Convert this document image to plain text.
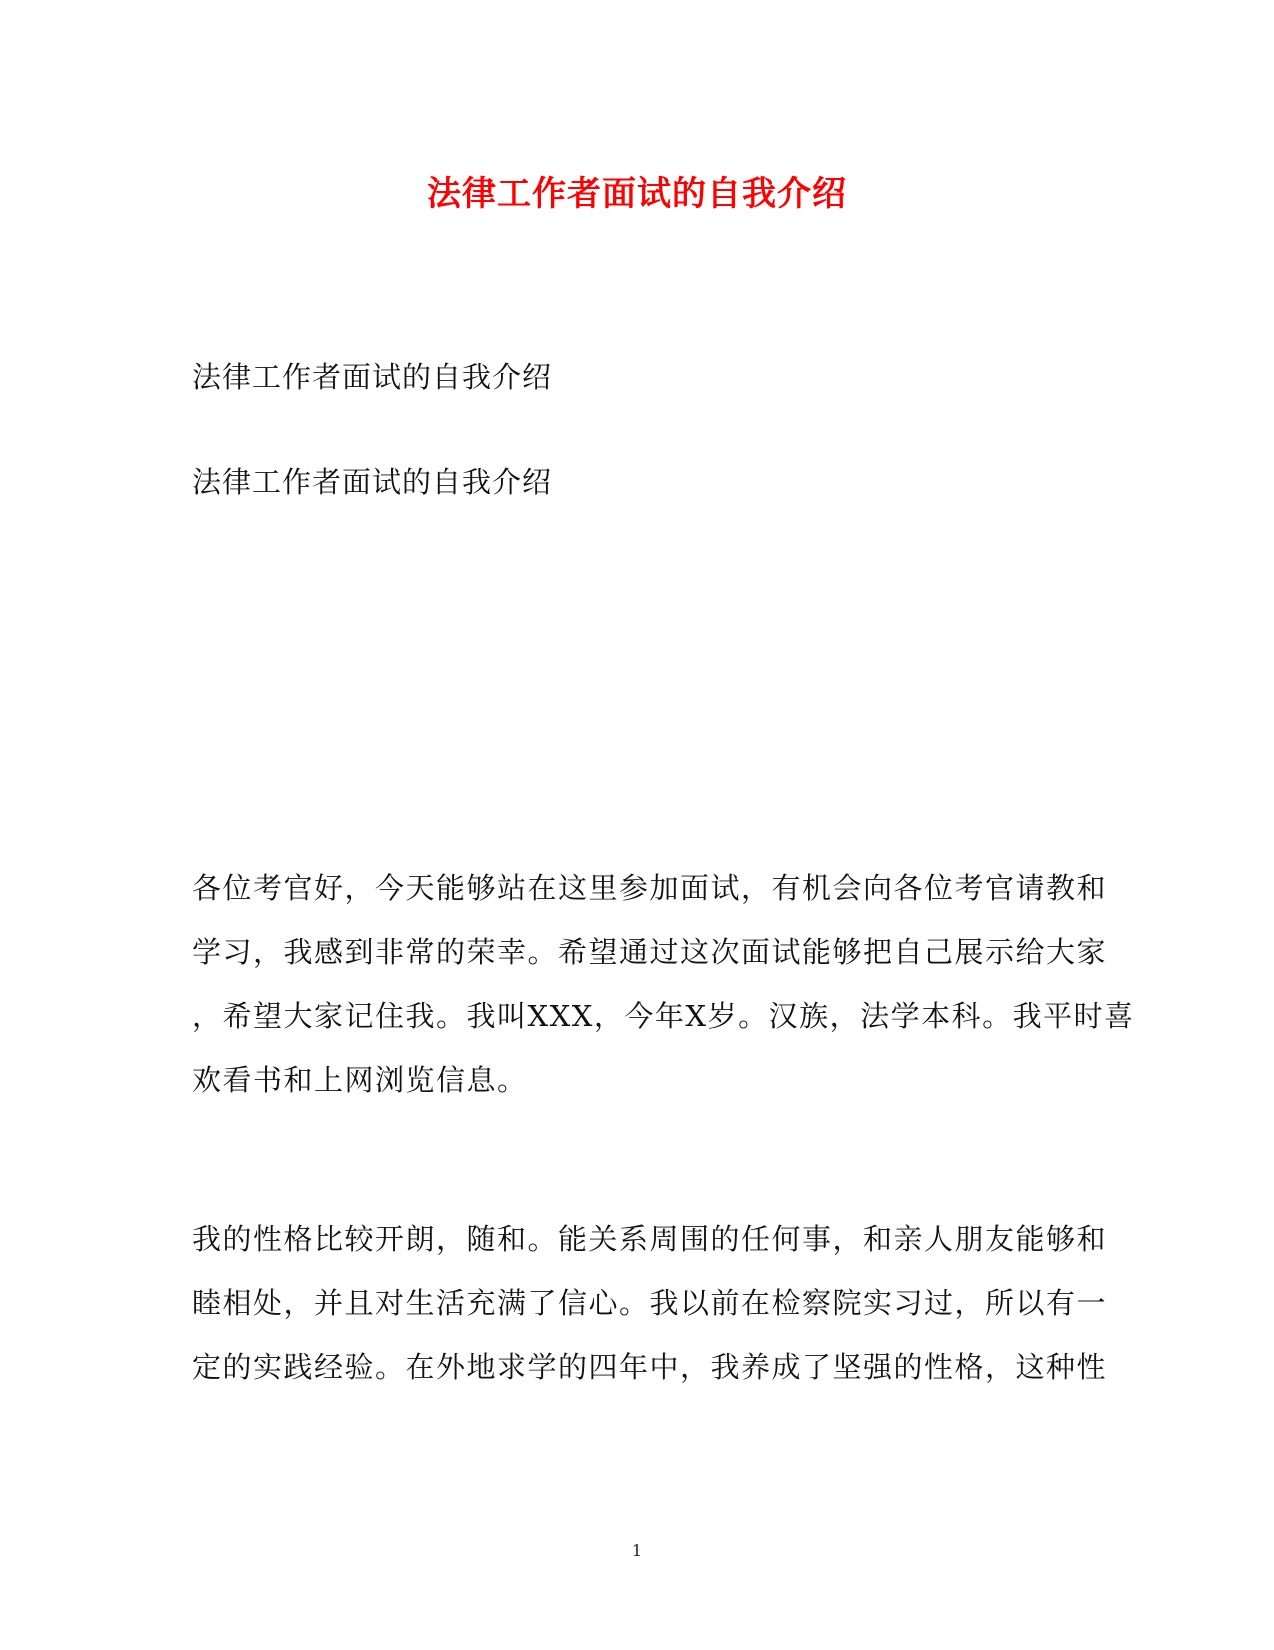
法律工作者面试的自我介绍

法律工作者面试的自我介绍

法律工作者面试的自我介绍

各位考官好，今天能够站在这里参加面试，有机会向各位考官请教和
学习，我感到非常的荣幸。希望通过这次面试能够把自己展示给大家
，希望大家记住我。我叫XXX，今年X岁。汉族，法学本科。我平时喜
欢看书和上网浏览信息。
我的性格比较开朗，随和。能关系周围的任何事，和亲人朋友能够和
睦相处，并且对生活充满了信心。我以前在检察院实习过，所以有一
定的实践经验。在外地求学的四年中，我养成了坚强的性格，这种性
1
